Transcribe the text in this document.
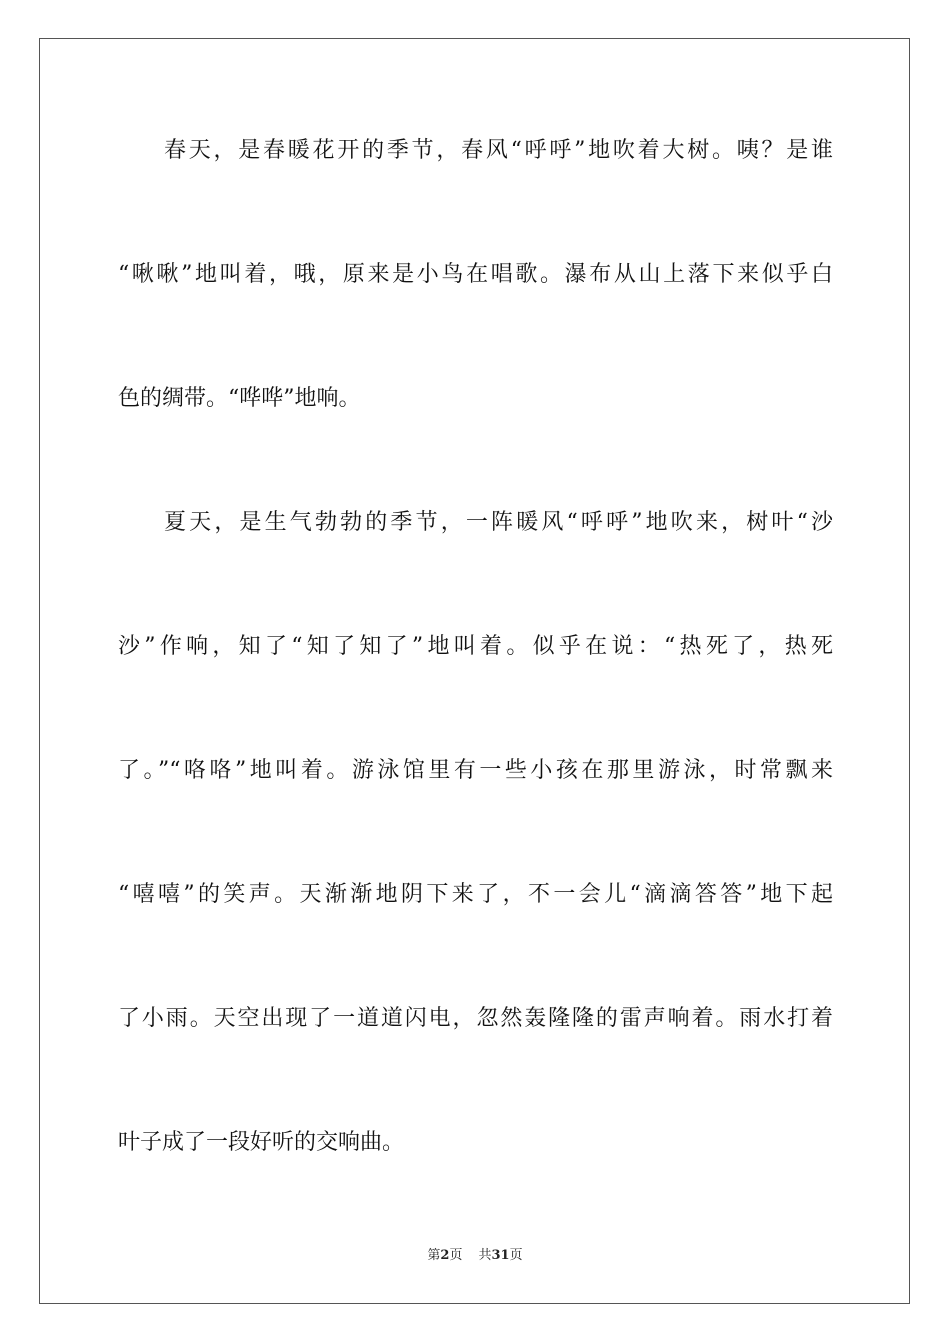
春天，是春暖花开的季节，春风“呼呼”地吹着大树。咦？是谁
“啾啾”地叫着，哦，原来是小鸟在唱歌。瀑布从山上落下来似乎白
色的绸带。“哗哗”地响。
夏天，是生气勃勃的季节，一阵暖风“呼呼”地吹来，树叶“沙
沙”作响，知了“知了知了”地叫着。似乎在说：“热死了，热死
了。”“咯咯”地叫着。游泳馆里有一些小孩在那里游泳，时常飘来
“嘻嘻”的笑声。天渐渐地阴下来了，不一会儿“滴滴答答”地下起
了小雨。天空出现了一道道闪电，忽然轰隆隆的雷声响着。雨水打着
叶子成了一段好听的交响曲。
第2页 共31页
